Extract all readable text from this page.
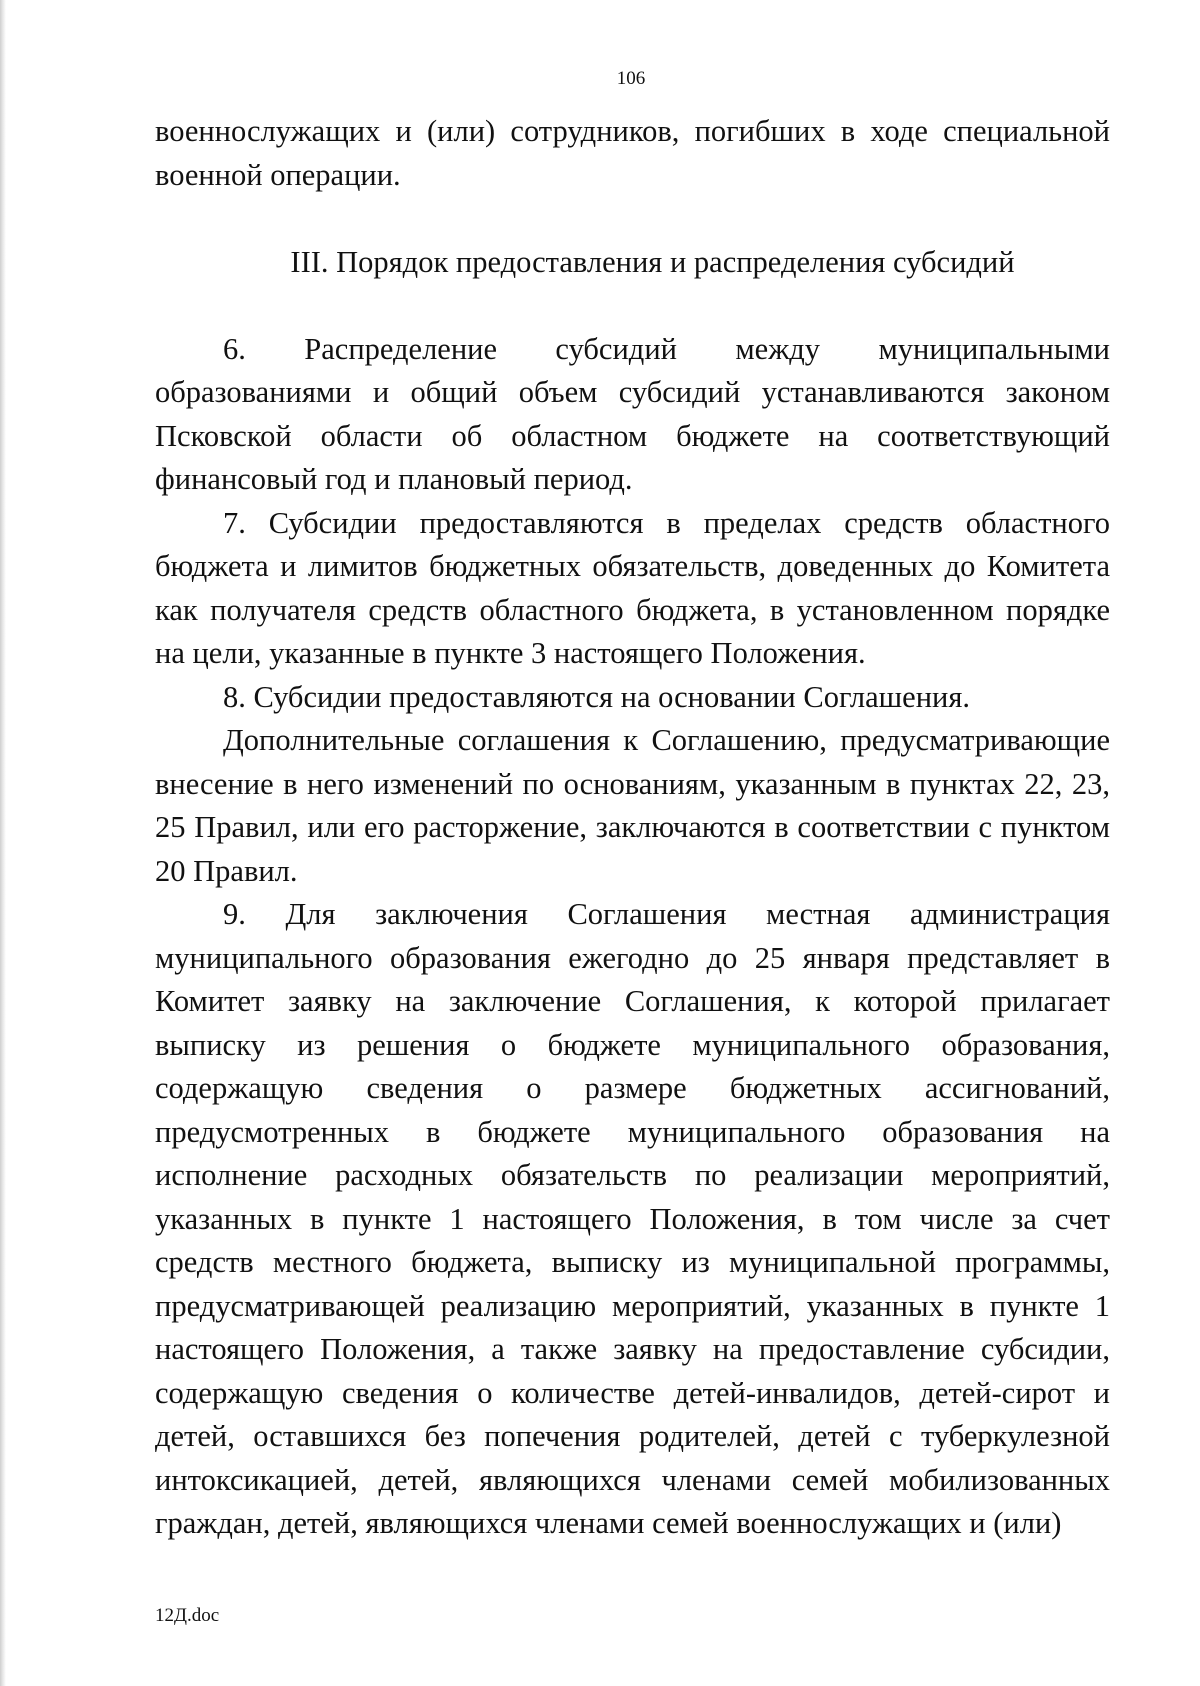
106

военнослужащих и (или) сотрудников, погибших в ходе специальной военной операции.

III. Порядок предоставления и распределения субсидий

6. Распределение субсидий между муниципальными образованиями и общий объем субсидий устанавливаются законом Псковской области об областном бюджете на соответствующий финансовый год и плановый период.

7. Субсидии предоставляются в пределах средств областного бюджета и лимитов бюджетных обязательств, доведенных до Комитета как получателя средств областного бюджета, в установленном порядке на цели, указанные в пункте 3 настоящего Положения.

8. Субсидии предоставляются на основании Соглашения.

Дополнительные соглашения к Соглашению, предусматривающие внесение в него изменений по основаниям, указанным в пунктах 22, 23, 25 Правил, или его расторжение, заключаются в соответствии с пунктом 20 Правил.

9. Для заключения Соглашения местная администрация муниципального образования ежегодно до 25 января представляет в Комитет заявку на заключение Соглашения, к которой прилагает выписку из решения о бюджете муниципального образования, содержащую сведения о размере бюджетных ассигнований, предусмотренных в бюджете муниципального образования на исполнение расходных обязательств по реализации мероприятий, указанных в пункте 1 настоящего Положения, в том числе за счет средств местного бюджета, выписку из муниципальной программы, предусматривающей реализацию мероприятий, указанных в пункте 1 настоящего Положения, а также заявку на предоставление субсидии, содержащую сведения о количестве детей-инвалидов, детей-сирот и детей, оставшихся без попечения родителей, детей с туберкулезной интоксикацией, детей, являющихся членами семей мобилизованных граждан, детей, являющихся членами семей военнослужащих и (или)

12Д.doc
